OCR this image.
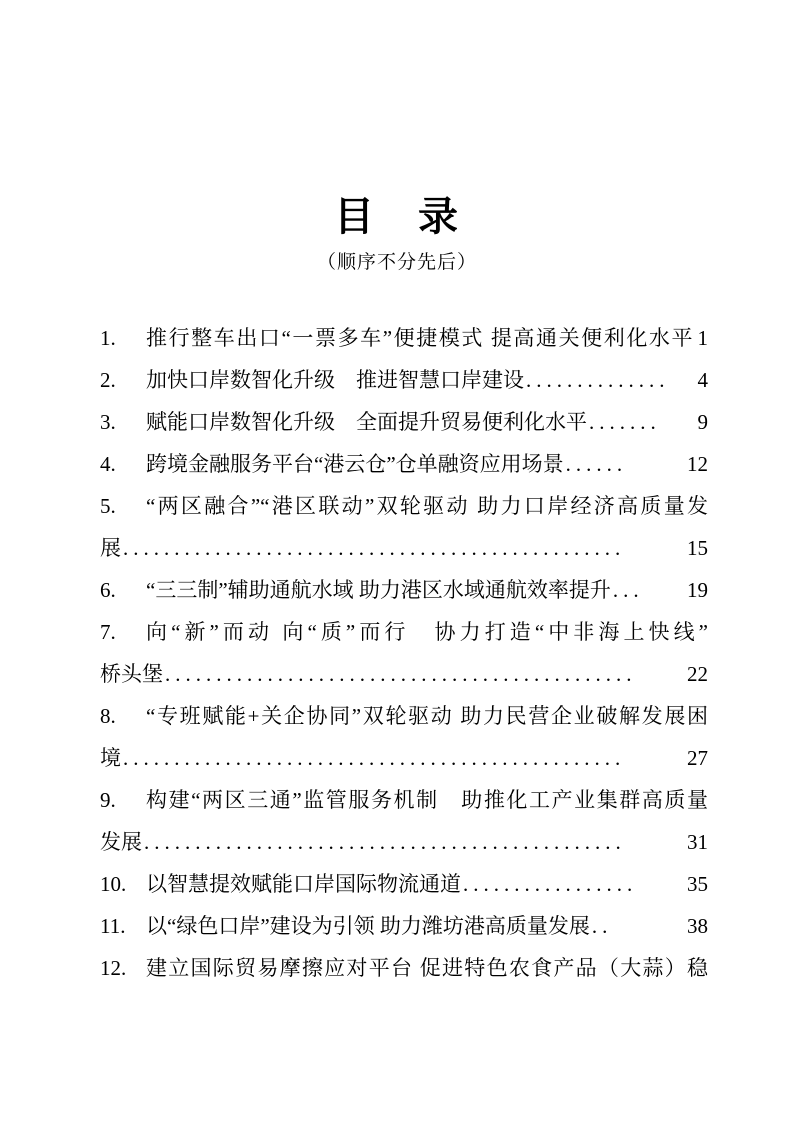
目　录
（顺序不分先后）
1.	推行整车出口“一票多车”便捷模式 提高通关便利化水平 1
2.	加快口岸数智化升级　推进智慧口岸建设 ..............	4
3.	赋能口岸数智化升级　全面提升贸易便利化水平 .......	9
4.	跨境金融服务平台“港云仓”仓单融资应用场景 ......	12
5.	“两区融合”“港区联动”双轮驱动 助力口岸经济高质量发
展 .................................................	15
6.	“三三制”辅助通航水域 助力港区水域通航效率提升 ...	19
7.	向“新”而动 向“质”而行　协力打造“中非海上快线”
桥头堡 ..............................................	22
8.	“专班赋能+关企协同”双轮驱动 助力民营企业破解发展困
境 .................................................	27
9.	构建“两区三通”监管服务机制　助推化工产业集群高质量
发展 ...............................................	31
10. 以智慧提效赋能口岸国际物流通道 .................	35
11. 以“绿色口岸”建设为引领 助力潍坊港高质量发展 ..	38
12. 建立国际贸易摩擦应对平台 促进特色农食产品（大蒜）稳
